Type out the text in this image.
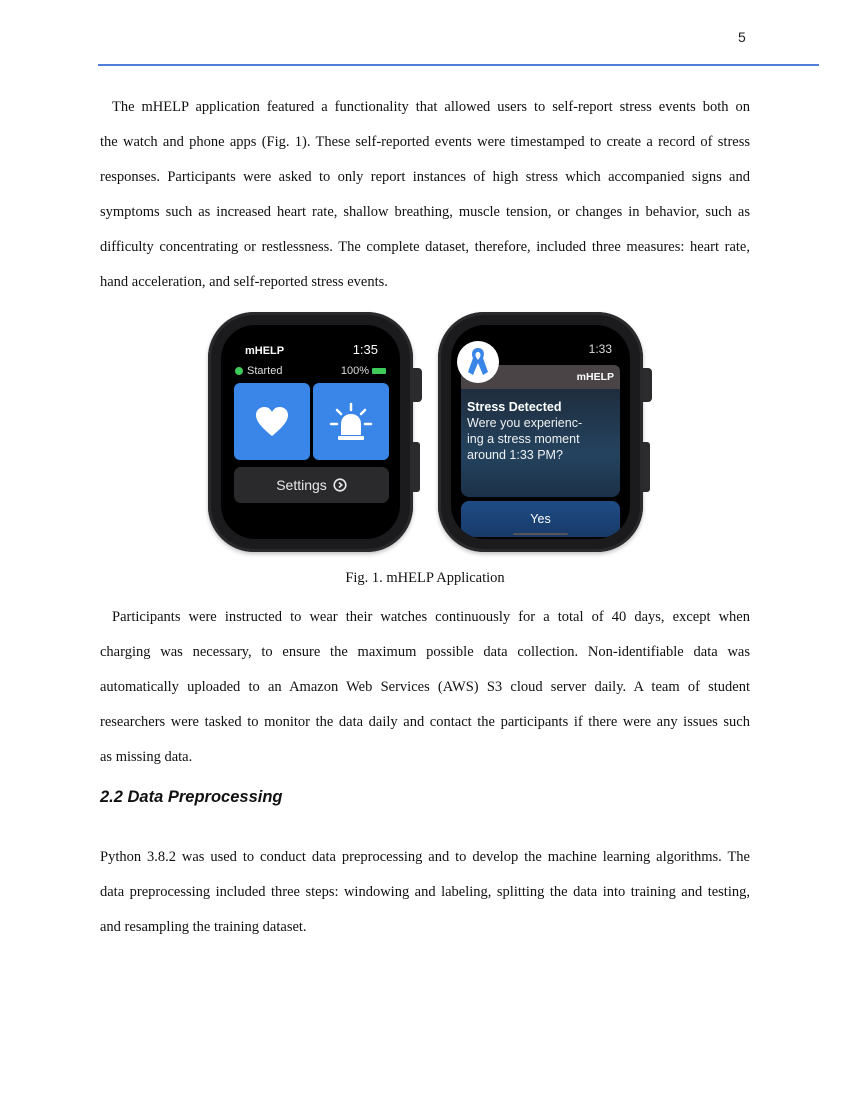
5
The mHELP application featured a functionality that allowed users to self-report stress events both on
the watch and phone apps (Fig. 1). These self-reported events were timestamped to create a record of stress
responses. Participants were asked to only report instances of high stress which accompanied signs and
symptoms such as increased heart rate, shallow breathing, muscle tension, or changes in behavior, such as
difficulty concentrating or restlessness. The complete dataset, therefore, included three measures: heart rate,
hand acceleration, and self-reported stress events.
mHELP	1:35
Started	100%
Settings
1:33
mHELP
Stress Detected
Were you experienc-
ing a stress moment
around 1:33 PM?
Yes
Fig. 1. mHELP Application
Participants were instructed to wear their watches continuously for a total of 40 days, except when
charging was necessary, to ensure the maximum possible data collection. Non-identifiable data was
automatically uploaded to an Amazon Web Services (AWS) S3 cloud server daily. A team of student
researchers were tasked to monitor the data daily and contact the participants if there were any issues such
as missing data.
2.2 Data Preprocessing
Python 3.8.2 was used to conduct data preprocessing and to develop the machine learning algorithms. The
data preprocessing included three steps: windowing and labeling, splitting the data into training and testing,
and resampling the training dataset.
